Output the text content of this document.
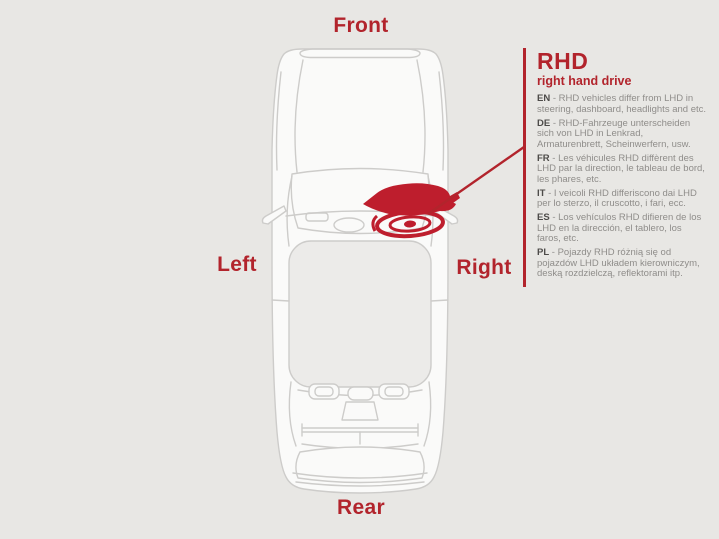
Front
Left	Right
Rear
RHD
right hand drive

EN - RHD vehicles differ from LHD in steering, dashboard, headlights and etc.

DE - RHD-Fahrzeuge unterscheiden sich von LHD in Lenkrad, Armaturenbrett, Scheinwerfern, usw.

FR - Les véhicules RHD diffèrent des LHD par la direction, le tableau de bord, les phares, etc.

IT - I veicoli RHD differiscono dai LHD per lo sterzo, il cruscotto, i fari, ecc.

ES - Los vehículos RHD difieren de los LHD en la dirección, el tablero, los faros, etc.

PL - Pojazdy RHD różnią się od pojazdów LHD układem kierowniczym, deską rozdzielczą, reflektorami itp.
